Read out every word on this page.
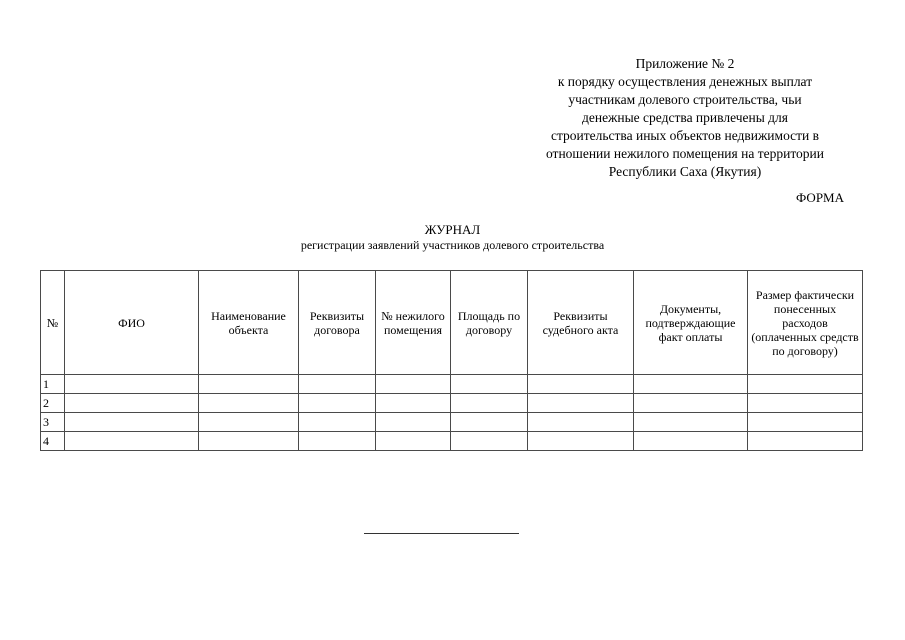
Приложение № 2
к порядку осуществления денежных выплат
участникам долевого строительства, чьи
денежные средства привлечены для
строительства иных объектов недвижимости в
отношении нежилого помещения на территории
Республики Саха (Якутия)
ФОРМА
ЖУРНАЛ
регистрации заявлений участников долевого строительства
№	ФИО	Наименование объекта	Реквизиты договора	№ нежилого помещения	Площадь по договору	Реквизиты судебного акта	Документы, подтверждающие факт оплаты	Размер фактически понесенных расходов (оплаченных средств по договору)
1								
2								
3								
4								
